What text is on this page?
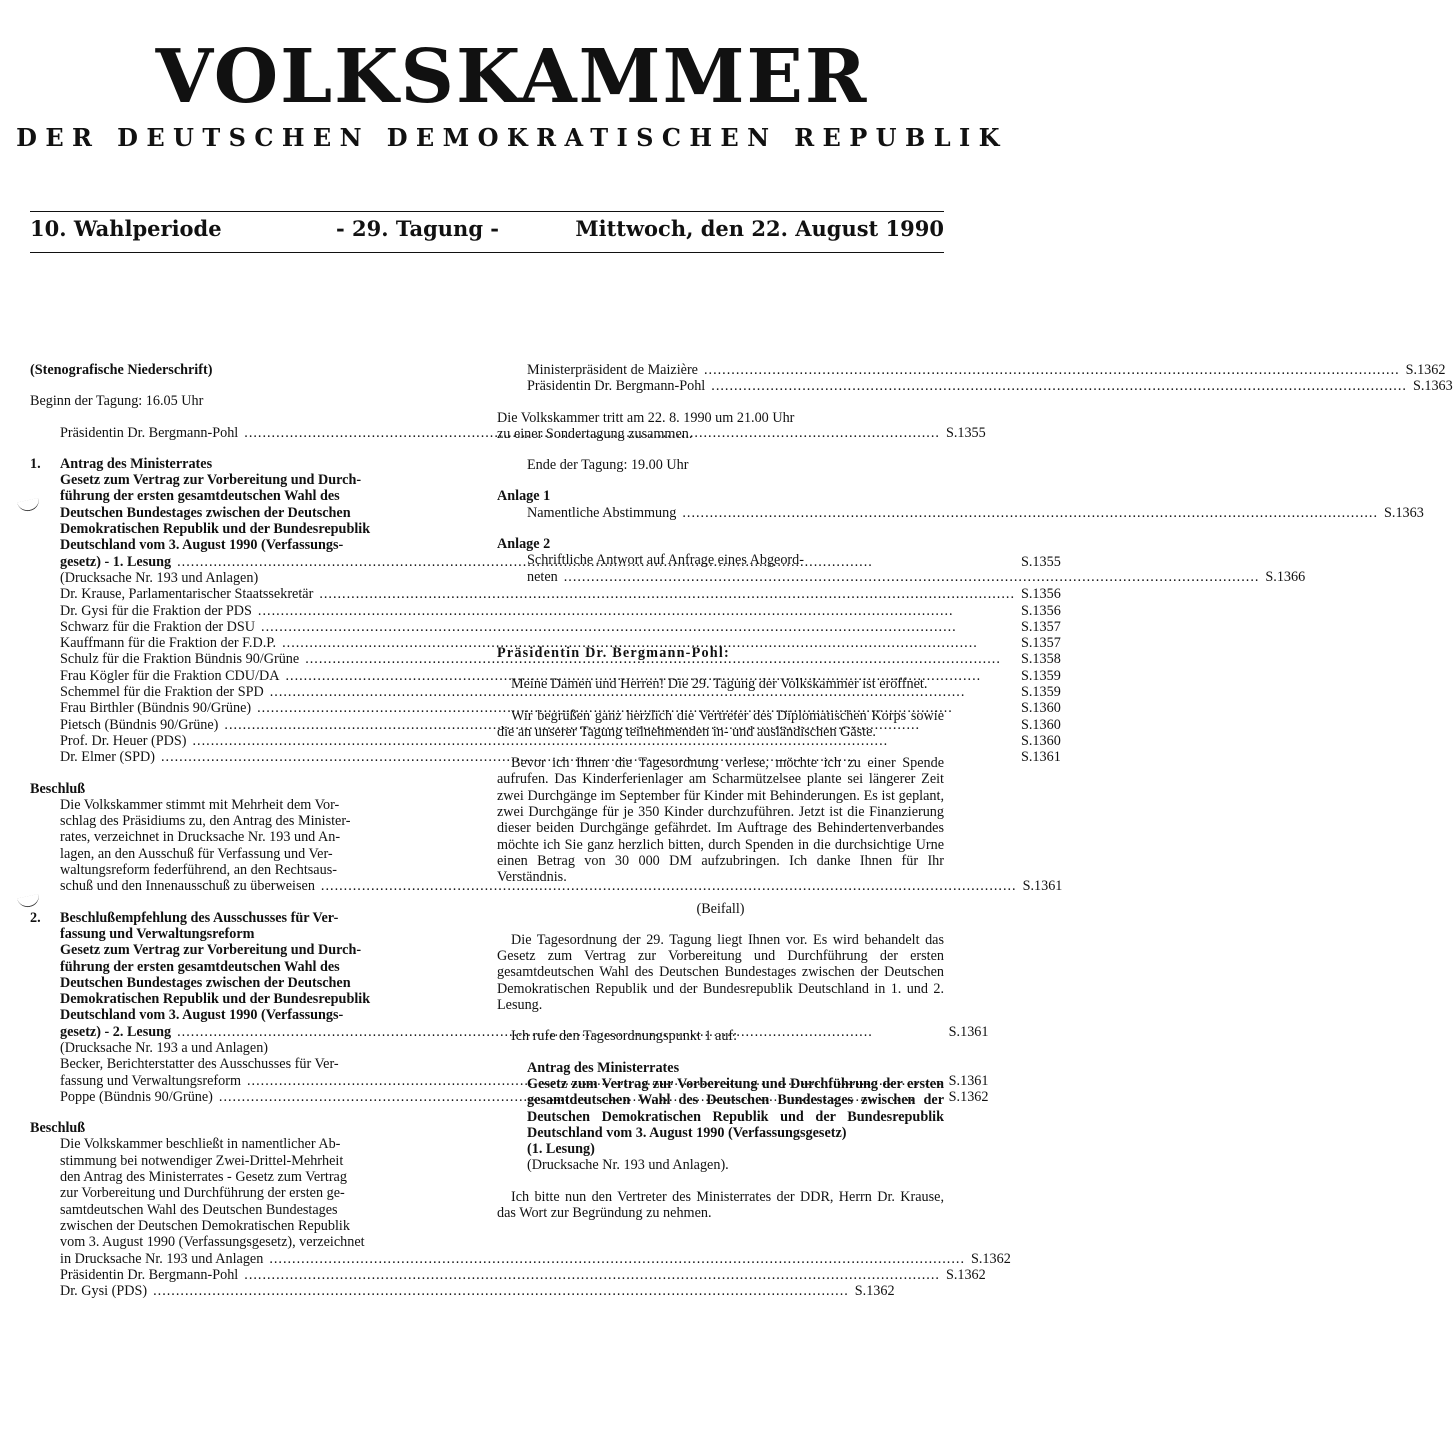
VOLKSKAMMER
DER DEUTSCHEN DEMOKRATISCHEN REPUBLIK
10. Wahlperiode	- 29. Tagung -	Mittwoch, den 22. August 1990

(Stenografische Niederschrift)

Beginn der Tagung: 16.05 Uhr

Präsidentin Dr. Bergmann-Pohl .....	S.1355
1.	Antrag des Ministerrates

Gesetz zum Vertrag zur Vorbereitung und Durch-
führung der ersten gesamtdeutschen Wahl des
Deutschen Bundestages zwischen der Deutschen
Demokratischen Republik und der Bundesrepublik
Deutschland vom 3. August 1990 (Verfassungs-
gesetz) - 1. Lesung .....	S.1355
(Drucksache Nr. 193 und Anlagen)
Dr. Krause, Parlamentarischer Staatssekretär .....	S.1356
Dr. Gysi für die Fraktion der PDS .....	S.1356
Schwarz für die Fraktion der DSU .....	S.1357
Kauffmann für die Fraktion der F.D.P. .....	S.1357
Schulz für die Fraktion Bündnis 90/Grüne .....	S.1358
Frau Kögler für die Fraktion CDU/DA .....	S.1359
Schemmel für die Fraktion der SPD .....	S.1359
Frau Birthler (Bündnis 90/Grüne) .....	S.1360
Pietsch (Bündnis 90/Grüne) .....	S.1360
Prof. Dr. Heuer (PDS) .....	S.1360
Dr. Elmer (SPD) .....	S.1361

Beschluß

Die Volkskammer stimmt mit Mehrheit dem Vor-
schlag des Präsidiums zu, den Antrag des Minister-
rates, verzeichnet in Drucksache Nr. 193 und An-
lagen, an den Ausschuß für Verfassung und Ver-
waltungsreform federführend, an den Rechtsaus-
schuß und den Innenausschuß zu überweisen .....	S.1361
2.	Beschlußempfehlung des Ausschusses für Ver-
fassung und Verwaltungsreform
Gesetz zum Vertrag zur Vorbereitung und Durch-
führung der ersten gesamtdeutschen Wahl des
Deutschen Bundestages zwischen der Deutschen
Demokratischen Republik und der Bundesrepublik
Deutschland vom 3. August 1990 (Verfassungs-
gesetz) - 2. Lesung .....	S.1361
(Drucksache Nr. 193 a und Anlagen)
Becker, Berichterstatter des Ausschusses für Ver-
fassung und Verwaltungsreform .....	S.1361
Poppe (Bündnis 90/Grüne) .....	S.1362

Beschluß

Die Volkskammer beschließt in namentlicher Ab-
stimmung bei notwendiger Zwei-Drittel-Mehrheit
den Antrag des Ministerrates - Gesetz zum Vertrag
zur Vorbereitung und Durchführung der ersten ge-
samtdeutschen Wahl des Deutschen Bundestages
zwischen der Deutschen Demokratischen Republik
vom 3. August 1990 (Verfassungsgesetz), verzeichnet
in Drucksache Nr. 193 und Anlagen .....	S.1362
Präsidentin Dr. Bergmann-Pohl .....	S.1362
Dr. Gysi (PDS) .....	S.1362
Ministerpräsident de Maizière .....	S.1362
Präsidentin Dr. Bergmann-Pohl .....	S.1363
Die Volkskammer tritt am 22. 8. 1990 um 21.00 Uhr
zu einer Sondertagung zusammen.

Ende der Tagung: 19.00 Uhr

Anlage 1

Namentliche Abstimmung .....	S.1363

Anlage 2

Schriftliche Antwort auf Anfrage eines Abgeord-
neten .....	S.1366

Präsidentin Dr. Bergmann-Pohl:

Meine Damen und Herren! Die 29. Tagung der Volkskammer ist eröffnet.

Wir begrüßen ganz herzlich die Vertreter des Diplomatischen Korps sowie die an unserer Tagung teilnehmenden in- und ausländischen Gäste.

Bevor ich Ihnen die Tagesordnung verlese, möchte ich zu einer Spende aufrufen. Das Kinderferienlager am Scharmützelsee plante sei längerer Zeit zwei Durchgänge im September für Kinder mit Behinderungen. Es ist geplant, zwei Durchgänge für je 350 Kinder durchzuführen. Jetzt ist die Finanzierung dieser beiden Durchgänge gefährdet. Im Auftrage des Behindertenverbandes möchte ich Sie ganz herzlich bitten, durch Spenden in die durchsichtige Urne einen Betrag von 30 000 DM aufzubringen. Ich danke Ihnen für Ihr Verständnis.

(Beifall)

Die Tagesordnung der 29. Tagung liegt Ihnen vor. Es wird behandelt das Gesetz zum Vertrag zur Vorbereitung und Durchführung der ersten gesamtdeutschen Wahl des Deutschen Bundestages zwischen der Deutschen Demokratischen Republik und der Bundesrepublik Deutschland in 1. und 2. Lesung.

Ich rufe den Tagesordnungspunkt 1 auf:

Antrag des Ministerrates

Gesetz zum Vertrag zur Vorbereitung und Durchführung der ersten gesamtdeutschen Wahl des Deutschen Bundestages zwischen der Deutschen Demokratischen Republik und der Bundesrepublik Deutschland vom 3. August 1990 (Verfassungsgesetz)

(1. Lesung)

(Drucksache Nr. 193 und Anlagen).

Ich bitte nun den Vertreter des Ministerrates der DDR, Herrn Dr. Krause, das Wort zur Begründung zu nehmen.
